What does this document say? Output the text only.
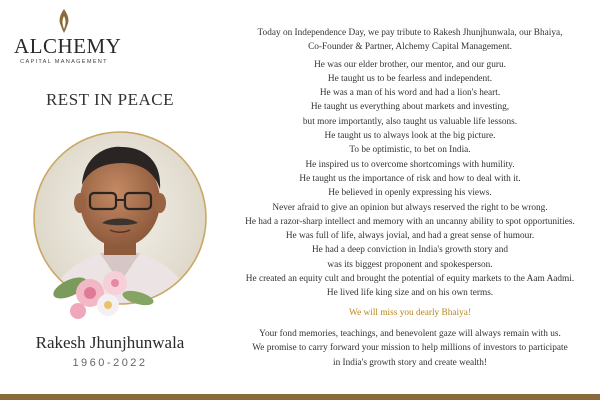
ALCHEMY
CAPITAL MANAGEMENT
REST IN PEACE
Rakesh Jhunjhunwala
1960-2022

Today on Independence Day, we pay tribute to Rakesh Jhunjhunwala, our Bhaiya,

Co-Founder & Partner, Alchemy Capital Management.

He was our elder brother, our mentor, and our guru.

He taught us to be fearless and independent.

He was a man of his word and had a lion's heart.

He taught us everything about markets and investing,

but more importantly, also taught us valuable life lessons.

He taught us to always look at the big picture.

To be optimistic, to bet on India.

He inspired us to overcome shortcomings with humility.

He taught us the importance of risk and how to deal with it.

He believed in openly expressing his views.

Never afraid to give an opinion but always reserved the right to be wrong.

He had a razor-sharp intellect and memory with an uncanny ability to spot opportunities.

He was full of life, always jovial, and had a great sense of humour.

He had a deep conviction in India's growth story and

was its biggest proponent and spokesperson.

He created an equity cult and brought the potential of equity markets to the Aam Aadmi.

He lived life king size and on his own terms.

We will miss you dearly Bhaiya!

Your fond memories, teachings, and benevolent gaze will always remain with us.

We promise to carry forward your mission to help millions of investors to participate

in India's growth story and create wealth!
